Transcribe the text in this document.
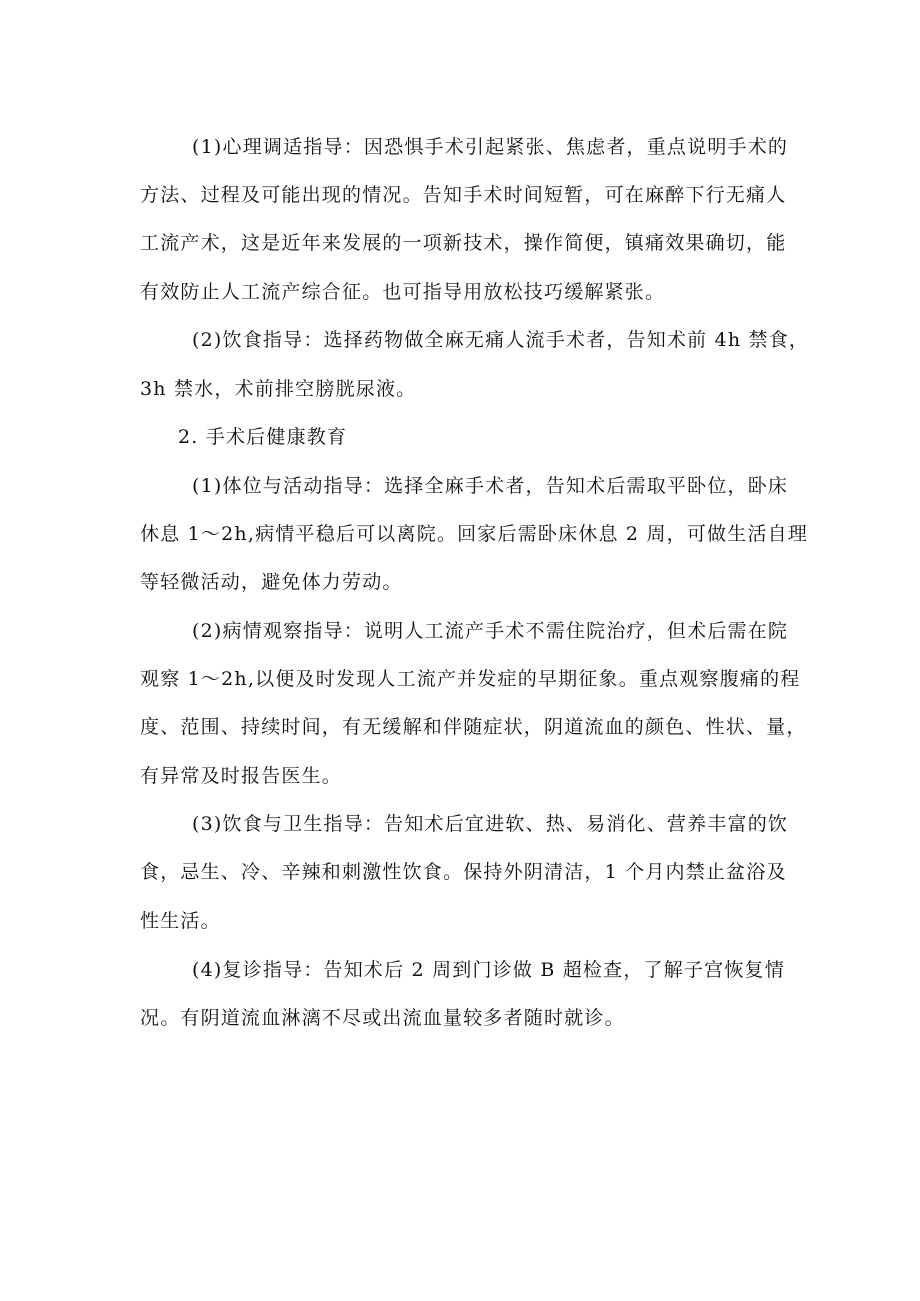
(1)心理调适指导：因恐惧手术引起紧张、焦虑者，重点说明手术的
方法、过程及可能出现的情况。告知手术时间短暂，可在麻醉下行无痛人
工流产术，这是近年来发展的一项新技术，操作简便，镇痛效果确切，能
有效防止人工流产综合征。也可指导用放松技巧缓解紧张。
(2)饮食指导：选择药物做全麻无痛人流手术者，告知术前 4h 禁食，
3h 禁水，术前排空膀胱尿液。
2. 手术后健康教育
(1)体位与活动指导：选择全麻手术者，告知术后需取平卧位，卧床
休息 1～2h,病情平稳后可以离院。回家后需卧床休息 2 周，可做生活自理
等轻微活动，避免体力劳动。
(2)病情观察指导：说明人工流产手术不需住院治疗，但术后需在院
观察 1～2h,以便及时发现人工流产并发症的早期征象。重点观察腹痛的程
度、范围、持续时间，有无缓解和伴随症状，阴道流血的颜色、性状、量，
有异常及时报告医生。
(3)饮食与卫生指导：告知术后宜进软、热、易消化、营养丰富的饮
食，忌生、冷、辛辣和刺激性饮食。保持外阴清洁，1 个月内禁止盆浴及
性生活。
(4)复诊指导：告知术后 2 周到门诊做 B 超检查，了解子宫恢复情
况。有阴道流血淋漓不尽或出流血量较多者随时就诊。
